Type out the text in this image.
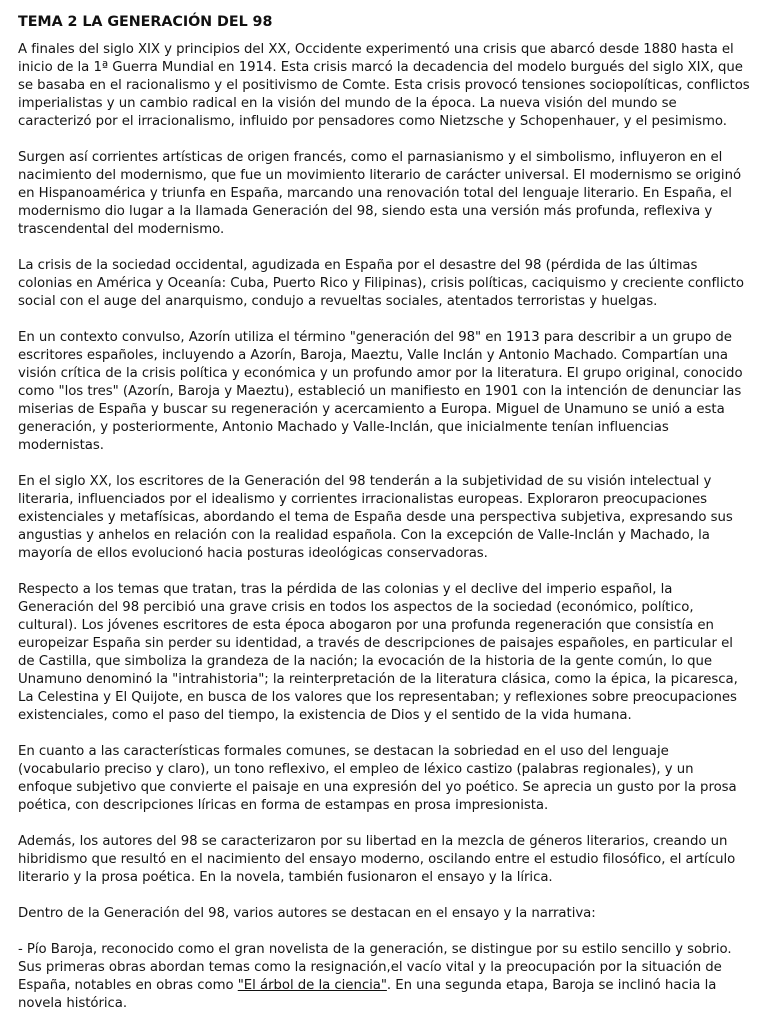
TEMA 2 LA GENERACIÓN DEL 98

A finales del siglo XIX y principios del XX, Occidente experimentó una crisis que abarcó desde 1880 hasta el inicio de la 1ª Guerra Mundial en 1914. Esta crisis marcó la decadencia del modelo burgués del siglo XIX, que se basaba en el racionalismo y el positivismo de Comte. Esta crisis provocó tensiones sociopolíticas, conflictos imperialistas y un cambio radical en la visión del mundo de la época. La nueva visión del mundo se caracterizó por el irracionalismo, influido por pensadores como Nietzsche y Schopenhauer, y el pesimismo.

Surgen así corrientes artísticas de origen francés, como el parnasianismo y el simbolismo, influyeron en el nacimiento del modernismo, que fue un movimiento literario de carácter universal. El modernismo se originó en Hispanoamérica y triunfa en España, marcando una renovación total del lenguaje literario. En España, el modernismo dio lugar a la llamada Generación del 98, siendo esta una versión más profunda, reflexiva y trascendental del modernismo.

La crisis de la sociedad occidental, agudizada en España por el desastre del 98 (pérdida de las últimas colonias en América y Oceanía: Cuba, Puerto Rico y Filipinas), crisis políticas, caciquismo y creciente conflicto social con el auge del anarquismo, condujo a revueltas sociales, atentados terroristas y huelgas.

En un contexto convulso, Azorín utiliza el término "generación del 98" en 1913 para describir a un grupo de escritores españoles, incluyendo a Azorín, Baroja, Maeztu, Valle Inclán y Antonio Machado. Compartían una visión crítica de la crisis política y económica y un profundo amor por la literatura. El grupo original, conocido como "los tres" (Azorín, Baroja y Maeztu), estableció un manifiesto en 1901 con la intención de denunciar las miserias de España y buscar su regeneración y acercamiento a Europa. Miguel de Unamuno se unió a esta generación, y posteriormente, Antonio Machado y Valle-Inclán, que inicialmente tenían influencias modernistas.

En el siglo XX, los escritores de la Generación del 98 tenderán a la subjetividad de su visión intelectual y literaria, influenciados por el idealismo y corrientes irracionalistas europeas. Exploraron preocupaciones existenciales y metafísicas, abordando el tema de España desde una perspectiva subjetiva, expresando sus angustias y anhelos en relación con la realidad española. Con la excepción de Valle-Inclán y Machado, la mayoría de ellos evolucionó hacia posturas ideológicas conservadoras.

Respecto a los temas que tratan, tras la pérdida de las colonias y el declive del imperio español, la Generación del 98 percibió una grave crisis en todos los aspectos de la sociedad (económico, político, cultural). Los jóvenes escritores de esta época abogaron por una profunda regeneración que consistía en europeizar España sin perder su identidad, a través de descripciones de paisajes españoles, en particular el de Castilla, que simboliza la grandeza de la nación; la evocación de la historia de la gente común, lo que Unamuno denominó la "intrahistoria"; la reinterpretación de la literatura clásica, como la épica, la picaresca, La Celestina y El Quijote, en busca de los valores que los representaban; y reflexiones sobre preocupaciones existenciales, como el paso del tiempo, la existencia de Dios y el sentido de la vida humana.

En cuanto a las características formales comunes, se destacan la sobriedad en el uso del lenguaje (vocabulario preciso y claro), un tono reflexivo, el empleo de léxico castizo (palabras regionales), y un enfoque subjetivo que convierte el paisaje en una expresión del yo poético. Se aprecia un gusto por la prosa poética, con descripciones líricas en forma de estampas en prosa impresionista.

Además, los autores del 98 se caracterizaron por su libertad en la mezcla de géneros literarios, creando un hibridismo que resultó en el nacimiento del ensayo moderno, oscilando entre el estudio filosófico, el artículo literario y la prosa poética. En la novela, también fusionaron el ensayo y la lírica.

Dentro de la Generación del 98, varios autores se destacan en el ensayo y la narrativa:

- Pío Baroja, reconocido como el gran novelista de la generación, se distingue por su estilo sencillo y sobrio. Sus primeras obras abordan temas como la resignación,el vacío vital y la preocupación por la situación de España, notables en obras como "El árbol de la ciencia". En una segunda etapa, Baroja se inclinó hacia la novela histórica.
